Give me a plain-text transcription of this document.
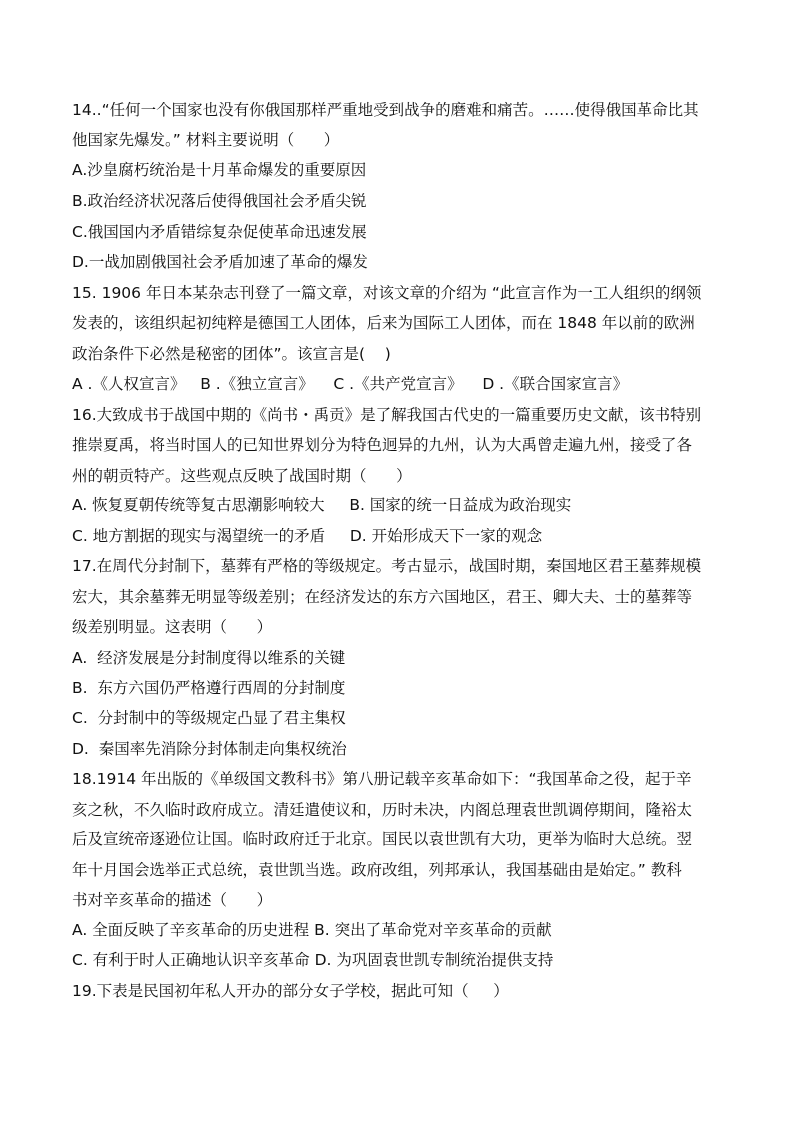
14..“任何一个国家也没有你俄国那样严重地受到战争的磨难和痛苦。……使得俄国革命比其
他国家先爆发。” 材料主要说明（      ）
A.沙皇腐朽统治是十月革命爆发的重要原因
B.政治经济状况落后使得俄国社会矛盾尖锐
C.俄国国内矛盾错综复杂促使革命迅速发展
D.一战加剧俄国社会矛盾加速了革命的爆发
15. 1906 年日本某杂志刊登了一篇文章，对该文章的介绍为 “此宣言作为一工人组织的纲领
发表的，该组织起初纯粹是德国工人团体，后来为国际工人团体，而在 1848 年以前的欧洲
政治条件下必然是秘密的团体”。该宣言是(    )
A .《人权宣言》   B .《独立宣言》    C .《共产党宣言》    D .《联合国家宣言》
16.大致成书于战国中期的《尚书・禹贡》是了解我国古代史的一篇重要历史文献，该书特别
推崇夏禹，将当时国人的已知世界划分为特色迥异的九州，认为大禹曾走遍九州，接受了各
州的朝贡特产。这些观点反映了战国时期（      ）
A. 恢复夏朝传统等复古思潮影响较大     B. 国家的统一日益成为政治现实
C. 地方割据的现实与渴望统一的矛盾     D. 开始形成天下一家的观念
17.在周代分封制下，墓葬有严格的等级规定。考古显示，战国时期，秦国地区君王墓葬规模
宏大，其余墓葬无明显等级差别；在经济发达的东方六国地区，君王、卿大夫、士的墓葬等
级差别明显。这表明（      ）
A.  经济发展是分封制度得以维系的关键
B.  东方六国仍严格遵行西周的分封制度
C.  分封制中的等级规定凸显了君主集权
D.  秦国率先消除分封体制走向集权统治
18.1914 年出版的《单级国文教科书》第八册记载辛亥革命如下：“我国革命之役，起于辛
亥之秋，不久临时政府成立。清廷遣使议和，历时未决，内阁总理袁世凯调停期间，隆裕太
后及宣统帝逐逊位让国。临时政府迁于北京。国民以袁世凯有大功，更举为临时大总统。翌
年十月国会选举正式总统，袁世凯当选。政府改组，列邦承认，我国基础由是始定。” 教科
书对辛亥革命的描述（      ）
A. 全面反映了辛亥革命的历史进程 B. 突出了革命党对辛亥革命的贡献
C. 有利于时人正确地认识辛亥革命 D. 为巩固袁世凯专制统治提供支持
19.下表是民国初年私人开办的部分女子学校，据此可知（     ）
